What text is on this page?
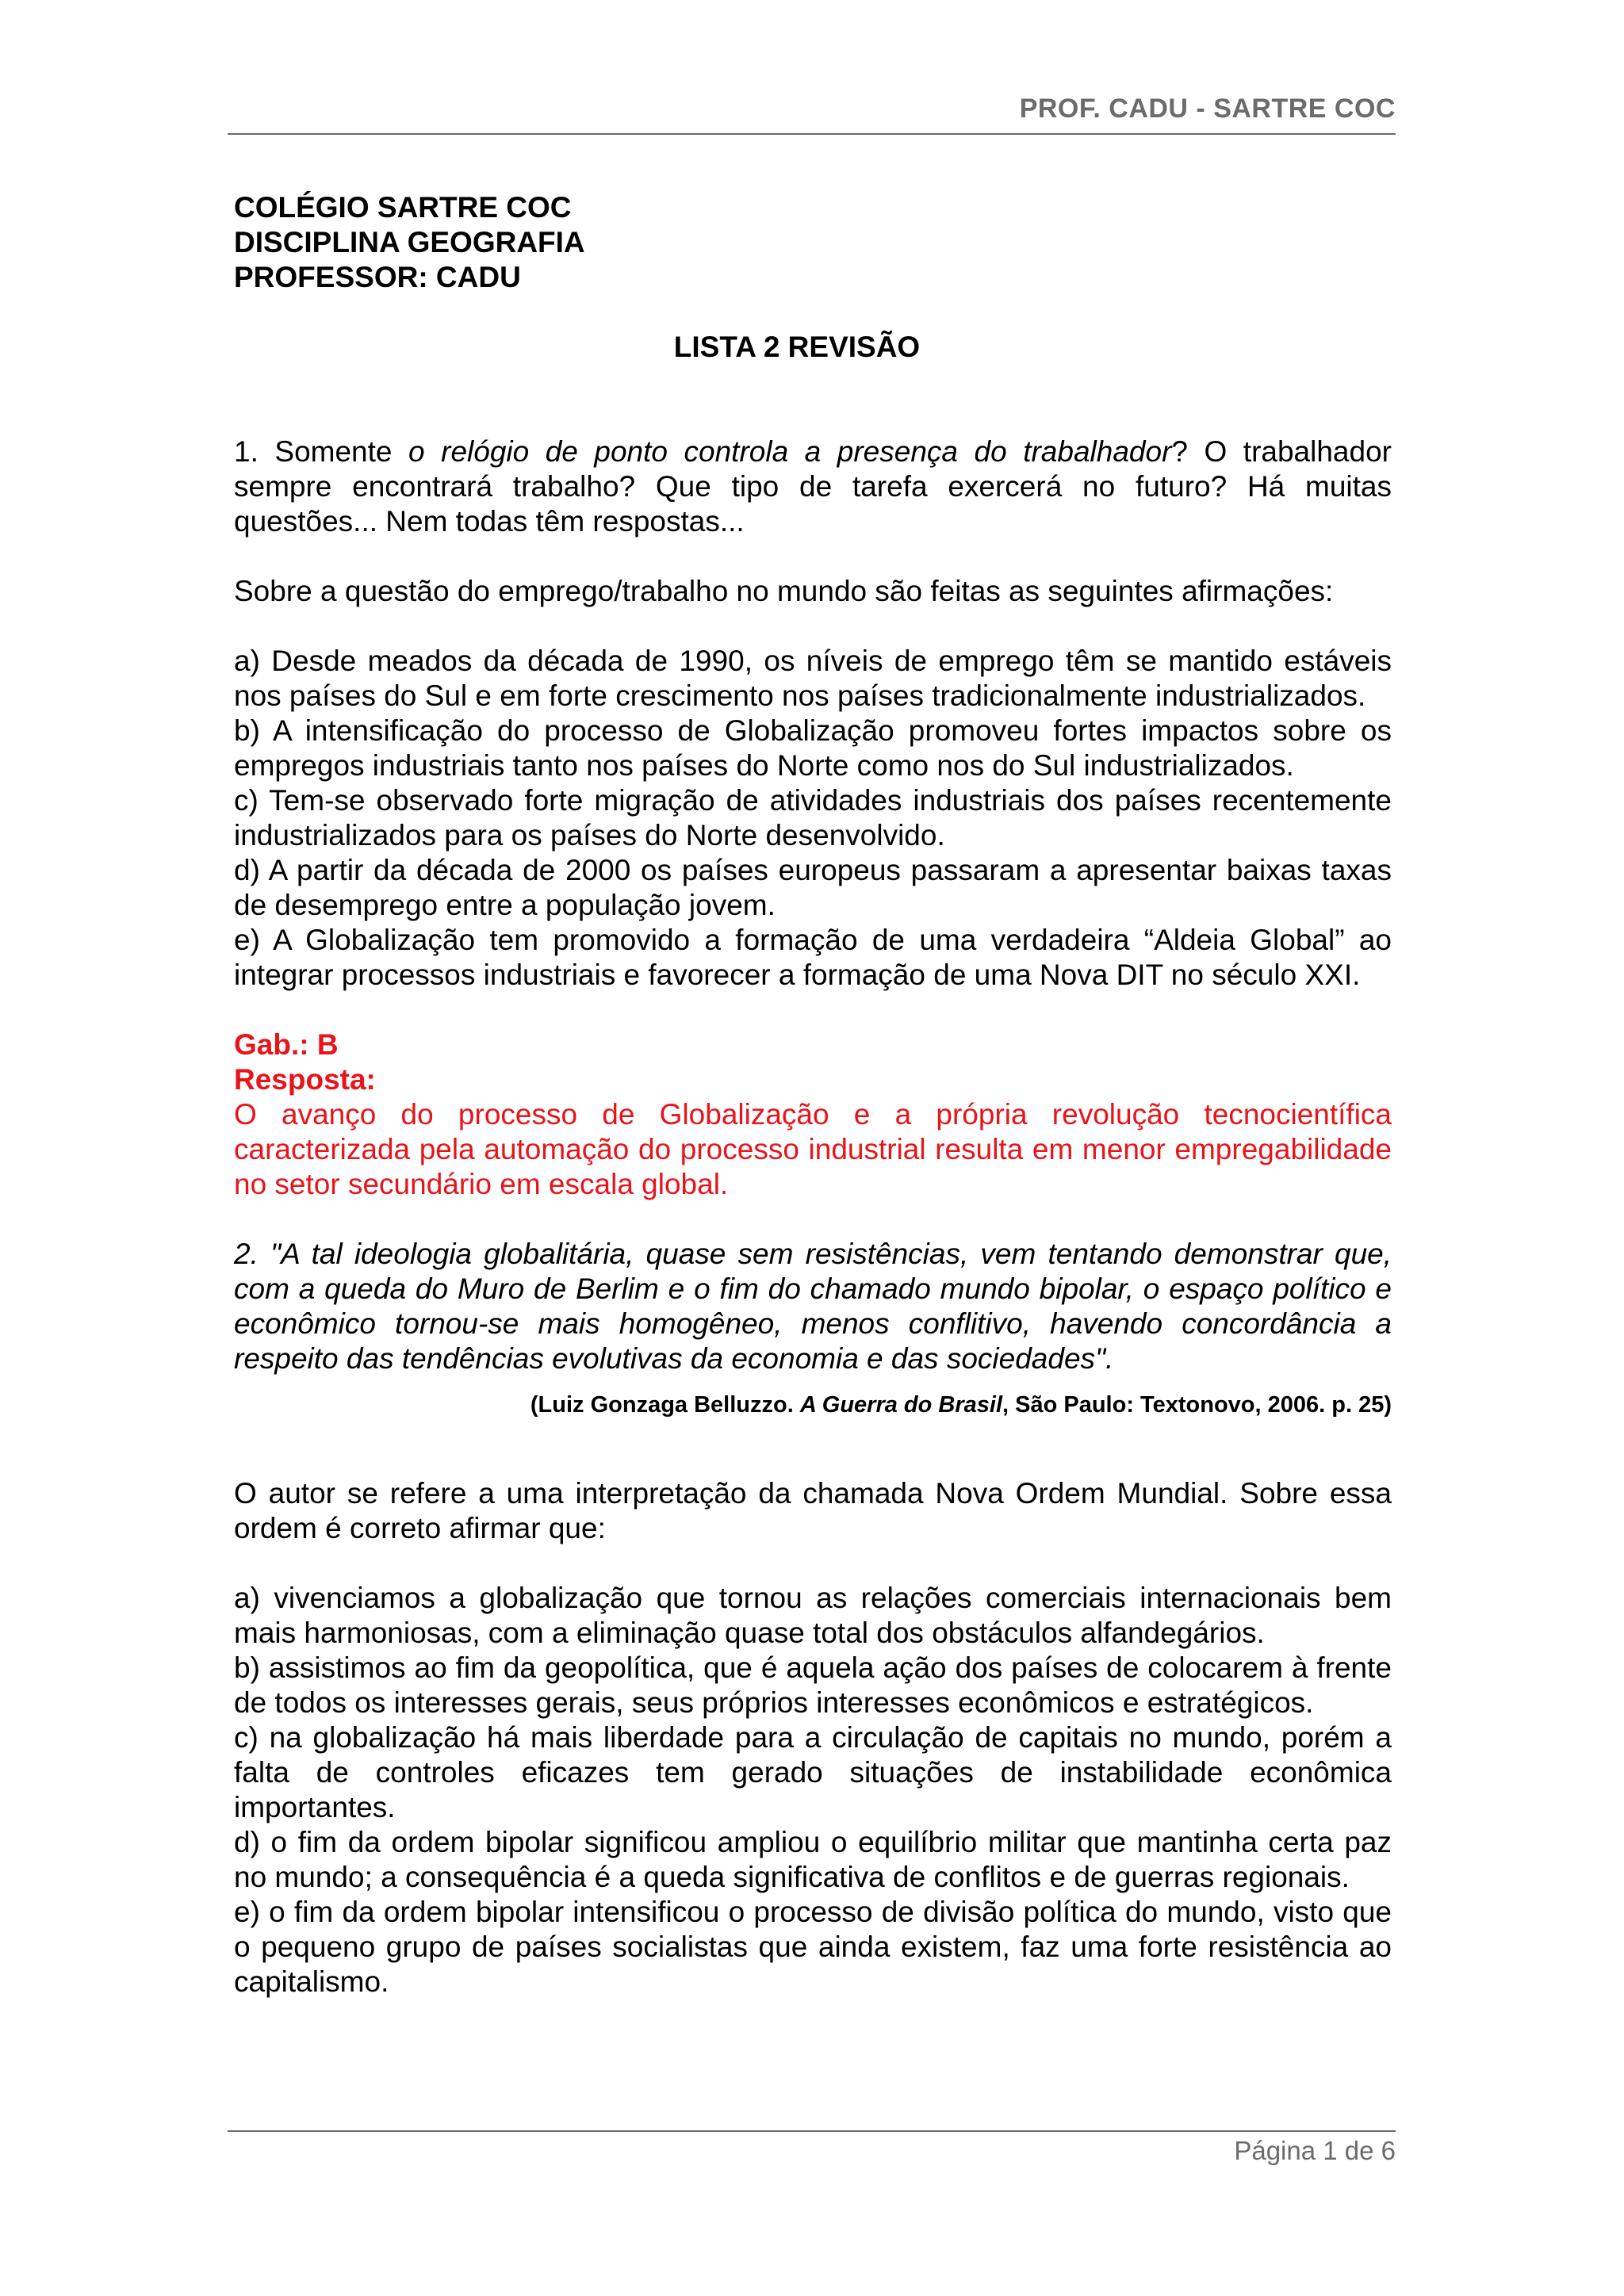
PROF. CADU - SARTRE COC

COLÉGIO SARTRE COC

DISCIPLINA GEOGRAFIA

PROFESSOR: CADU

LISTA 2 REVISÃO

1. Somente o relógio de ponto controla a presença do trabalhador? O trabalhador sempre encontrará trabalho? Que tipo de tarefa exercerá no futuro? Há muitas questões... Nem todas têm respostas...

Sobre a questão do emprego/trabalho no mundo são feitas as seguintes afirmações:

a) Desde meados da década de 1990, os níveis de emprego têm se mantido estáveis nos países do Sul e em forte crescimento nos países tradicionalmente industrializados.

b) A intensificação do processo de Globalização promoveu fortes impactos sobre os empregos industriais tanto nos países do Norte como nos do Sul industrializados.

c) Tem-se observado forte migração de atividades industriais dos países recentemente industrializados para os países do Norte desenvolvido.

d) A partir da década de 2000 os países europeus passaram a apresentar baixas taxas de desemprego entre a população jovem.

e) A Globalização tem promovido a formação de uma verdadeira “Aldeia Global” ao integrar processos industriais e favorecer a formação de uma Nova DIT no século XXI.

Gab.: B

Resposta:

O avanço do processo de Globalização e a própria revolução tecnocientífica caracterizada pela automação do processo industrial resulta em menor empregabilidade no setor secundário em escala global.

2. "A tal ideologia globalitária, quase sem resistências, vem tentando demonstrar que, com a queda do Muro de Berlim e o fim do chamado mundo bipolar, o espaço político e econômico tornou-se mais homogêneo, menos conflitivo, havendo concordância a respeito das tendências evolutivas da economia e das sociedades".

(Luiz Gonzaga Belluzzo. A Guerra do Brasil, São Paulo: Textonovo, 2006. p. 25)

O autor se refere a uma interpretação da chamada Nova Ordem Mundial. Sobre essa ordem é correto afirmar que:

a) vivenciamos a globalização que tornou as relações comerciais internacionais bem mais harmoniosas, com a eliminação quase total dos obstáculos alfandegários.

b) assistimos ao fim da geopolítica, que é aquela ação dos países de colocarem à frente de todos os interesses gerais, seus próprios interesses econômicos e estratégicos.

c) na globalização há mais liberdade para a circulação de capitais no mundo, porém a falta de controles eficazes tem gerado situações de instabilidade econômica importantes.

d) o fim da ordem bipolar significou ampliou o equilíbrio militar que mantinha certa paz no mundo; a consequência é a queda significativa de conflitos e de guerras regionais.

e) o fim da ordem bipolar intensificou o processo de divisão política do mundo, visto que o pequeno grupo de países socialistas que ainda existem, faz uma forte resistência ao capitalismo.

Página 1 de 6
